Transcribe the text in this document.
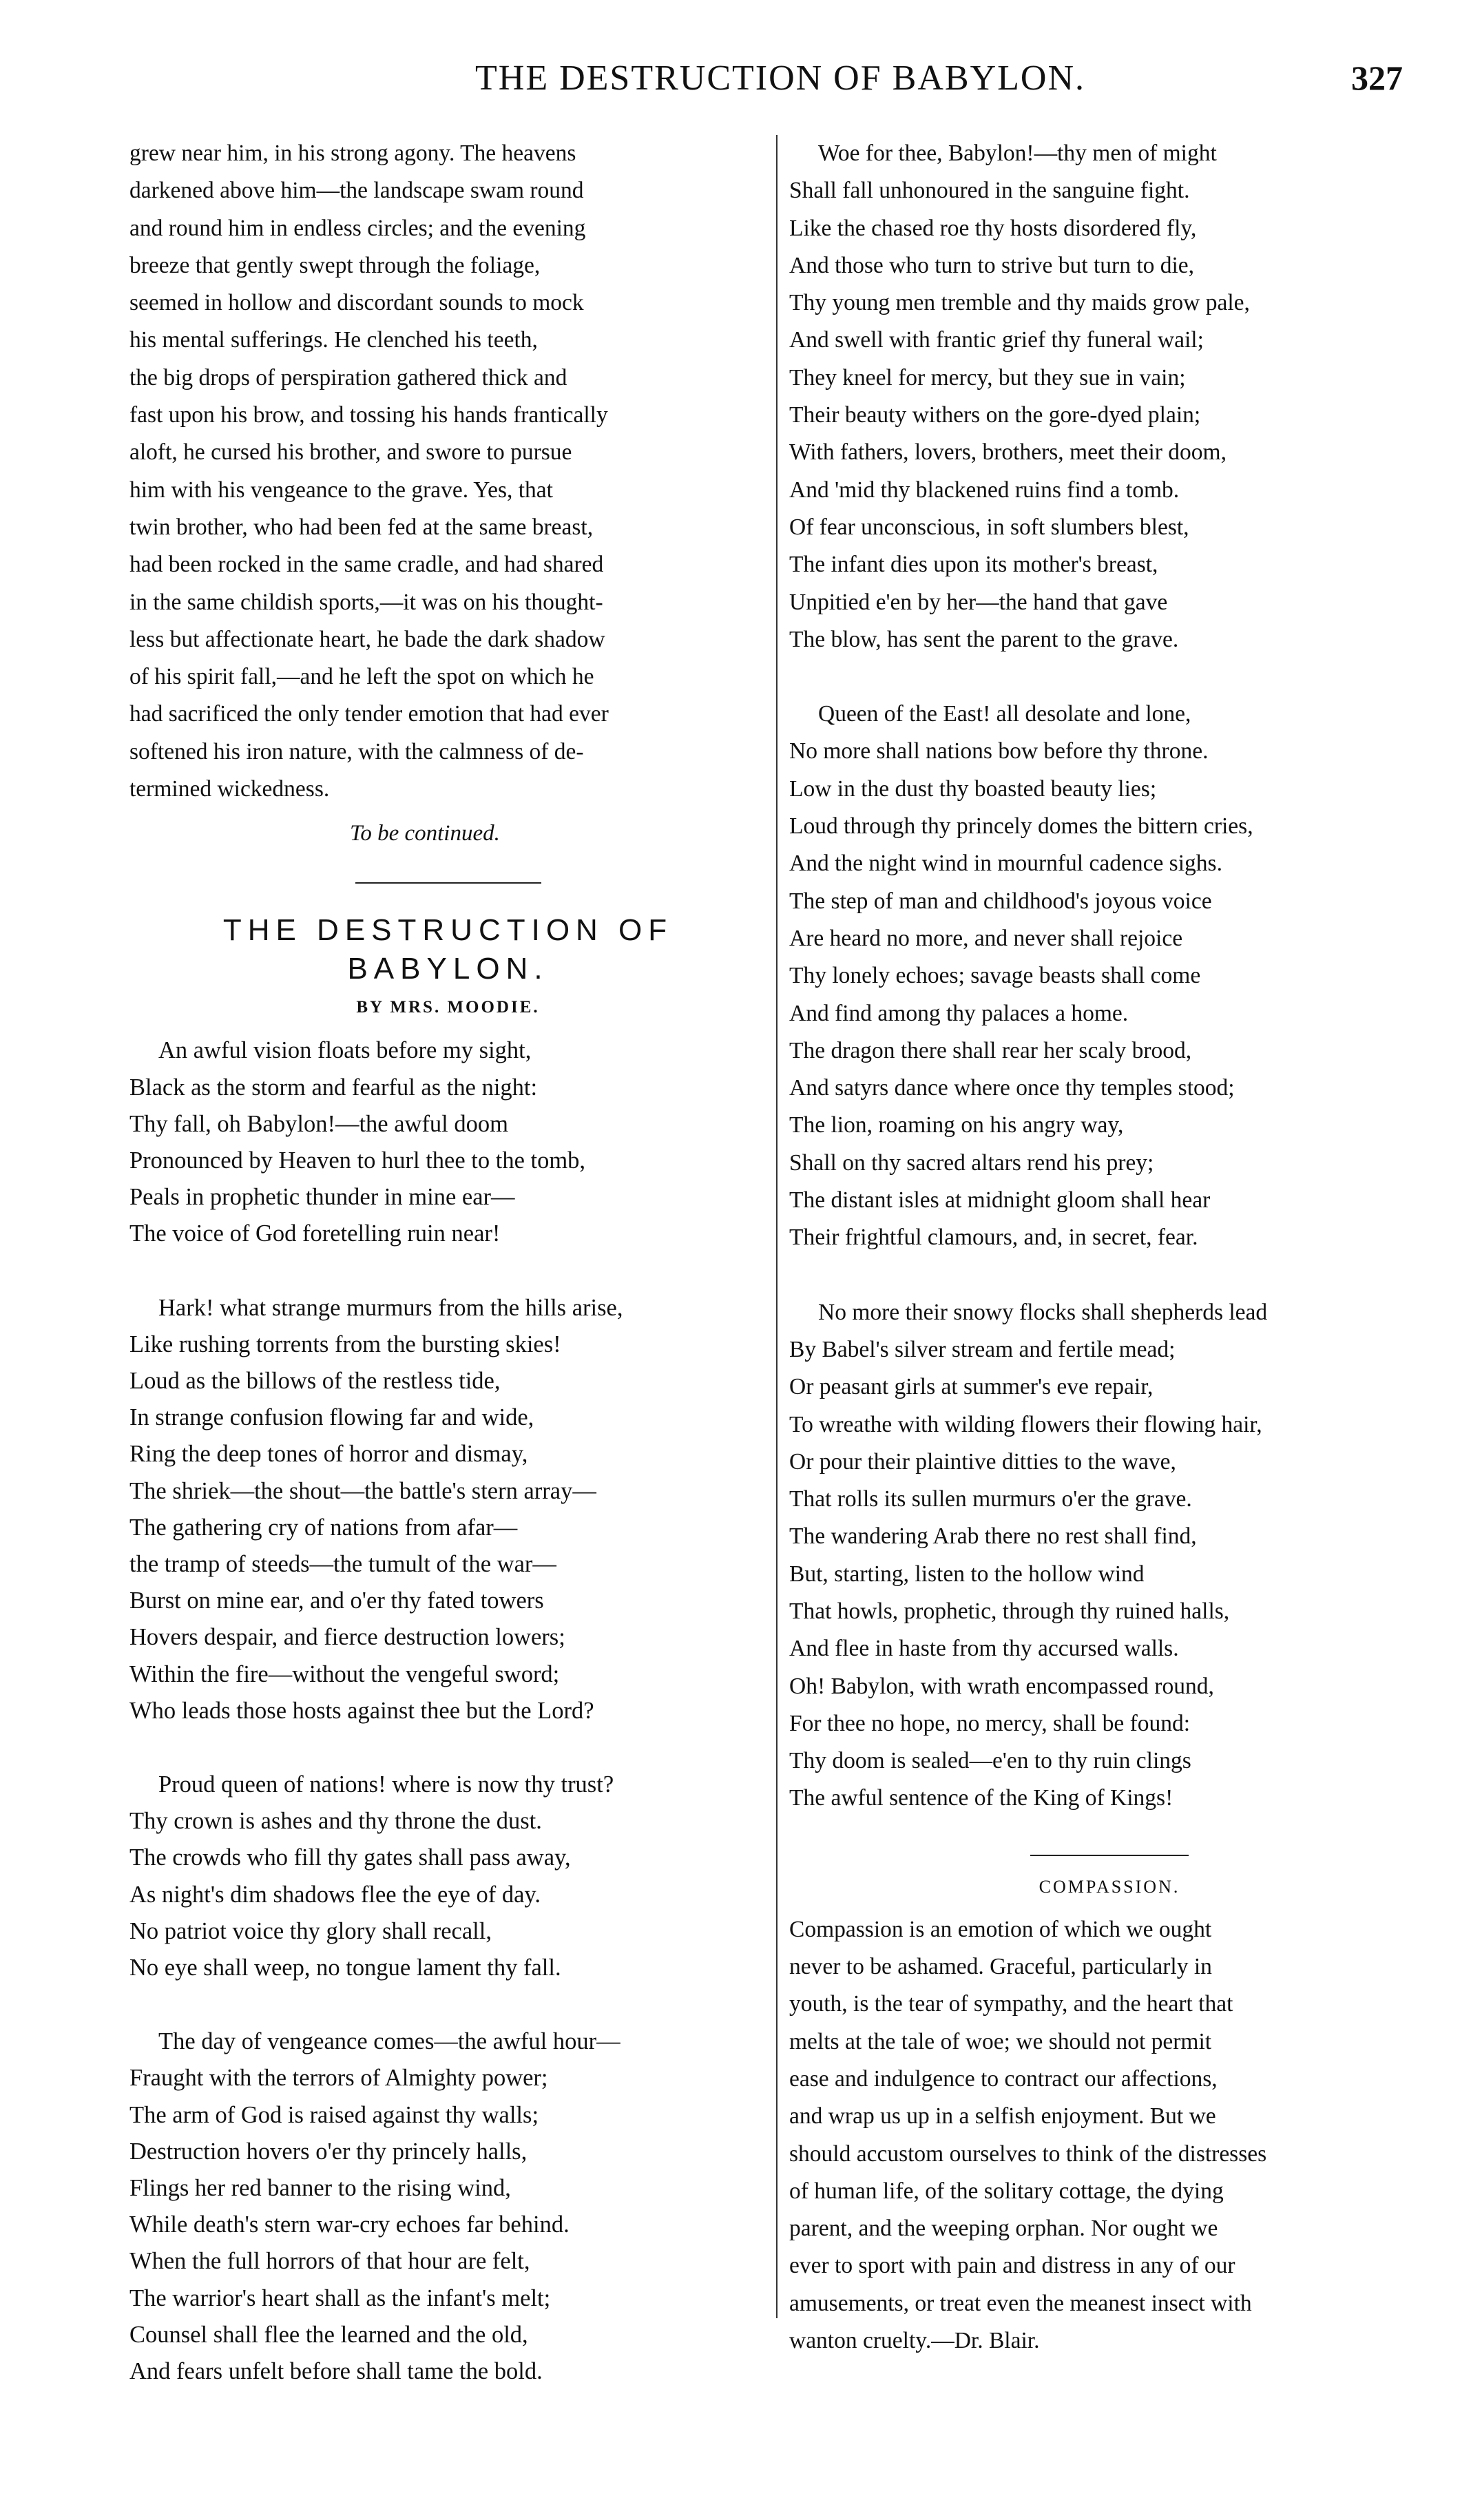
THE DESTRUCTION OF BABYLON.	327
grew near him, in his strong agony. The heavens
darkened above him—the landscape swam round
and round him in endless circles; and the evening
breeze that gently swept through the foliage,
seemed in hollow and discordant sounds to mock
his mental sufferings. He clenched his teeth,
the big drops of perspiration gathered thick and
fast upon his brow, and tossing his hands frantically
aloft, he cursed his brother, and swore to pursue
him with his vengeance to the grave. Yes, that
twin brother, who had been fed at the same breast,
had been rocked in the same cradle, and had shared
in the same childish sports,—it was on his thought-
less but affectionate heart, he bade the dark shadow
of his spirit fall,—and he left the spot on which he
had sacrificed the only tender emotion that had ever
softened his iron nature, with the calmness of de-
termined wickedness.
To be continued.
THE DESTRUCTION OF BABYLON.
BY MRS. MOODIE.
An awful vision floats before my sight,
Black as the storm and fearful as the night:
Thy fall, oh Babylon!—the awful doom
Pronounced by Heaven to hurl thee to the tomb,
Peals in prophetic thunder in mine ear—
The voice of God foretelling ruin near!
Hark! what strange murmurs from the hills arise,
Like rushing torrents from the bursting skies!
Loud as the billows of the restless tide,
In strange confusion flowing far and wide,
Ring the deep tones of horror and dismay,
The shriek—the shout—the battle's stern array—
The gathering cry of nations from afar—
the tramp of steeds—the tumult of the war—
Burst on mine ear, and o'er thy fated towers
Hovers despair, and fierce destruction lowers;
Within the fire—without the vengeful sword;
Who leads those hosts against thee but the Lord?
Proud queen of nations! where is now thy trust?
Thy crown is ashes and thy throne the dust.
The crowds who fill thy gates shall pass away,
As night's dim shadows flee the eye of day.
No patriot voice thy glory shall recall,
No eye shall weep, no tongue lament thy fall.
The day of vengeance comes—the awful hour—
Fraught with the terrors of Almighty power;
The arm of God is raised against thy walls;
Destruction hovers o'er thy princely halls,
Flings her red banner to the rising wind,
While death's stern war-cry echoes far behind.
When the full horrors of that hour are felt,
The warrior's heart shall as the infant's melt;
Counsel shall flee the learned and the old,
And fears unfelt before shall tame the bold.
Woe for thee, Babylon!—thy men of might
Shall fall unhonoured in the sanguine fight.
Like the chased roe thy hosts disordered fly,
And those who turn to strive but turn to die,
Thy young men tremble and thy maids grow pale,
And swell with frantic grief thy funeral wail;
They kneel for mercy, but they sue in vain;
Their beauty withers on the gore-dyed plain;
With fathers, lovers, brothers, meet their doom,
And 'mid thy blackened ruins find a tomb.
Of fear unconscious, in soft slumbers blest,
The infant dies upon its mother's breast,
Unpitied e'en by her—the hand that gave
The blow, has sent the parent to the grave.
Queen of the East! all desolate and lone,
No more shall nations bow before thy throne.
Low in the dust thy boasted beauty lies;
Loud through thy princely domes the bittern cries,
And the night wind in mournful cadence sighs.
The step of man and childhood's joyous voice
Are heard no more, and never shall rejoice
Thy lonely echoes; savage beasts shall come
And find among thy palaces a home.
The dragon there shall rear her scaly brood,
And satyrs dance where once thy temples stood;
The lion, roaming on his angry way,
Shall on thy sacred altars rend his prey;
The distant isles at midnight gloom shall hear
Their frightful clamours, and, in secret, fear.
No more their snowy flocks shall shepherds lead
By Babel's silver stream and fertile mead;
Or peasant girls at summer's eve repair,
To wreathe with wilding flowers their flowing hair,
Or pour their plaintive ditties to the wave,
That rolls its sullen murmurs o'er the grave.
The wandering Arab there no rest shall find,
But, starting, listen to the hollow wind
That howls, prophetic, through thy ruined halls,
And flee in haste from thy accursed walls.
Oh! Babylon, with wrath encompassed round,
For thee no hope, no mercy, shall be found:
Thy doom is sealed—e'en to thy ruin clings
The awful sentence of the King of Kings!
COMPASSION.
Compassion is an emotion of which we ought
never to be ashamed. Graceful, particularly in
youth, is the tear of sympathy, and the heart that
melts at the tale of woe; we should not permit
ease and indulgence to contract our affections,
and wrap us up in a selfish enjoyment. But we
should accustom ourselves to think of the distresses
of human life, of the solitary cottage, the dying
parent, and the weeping orphan. Nor ought we
ever to sport with pain and distress in any of our
amusements, or treat even the meanest insect with
wanton cruelty.—Dr. Blair.
